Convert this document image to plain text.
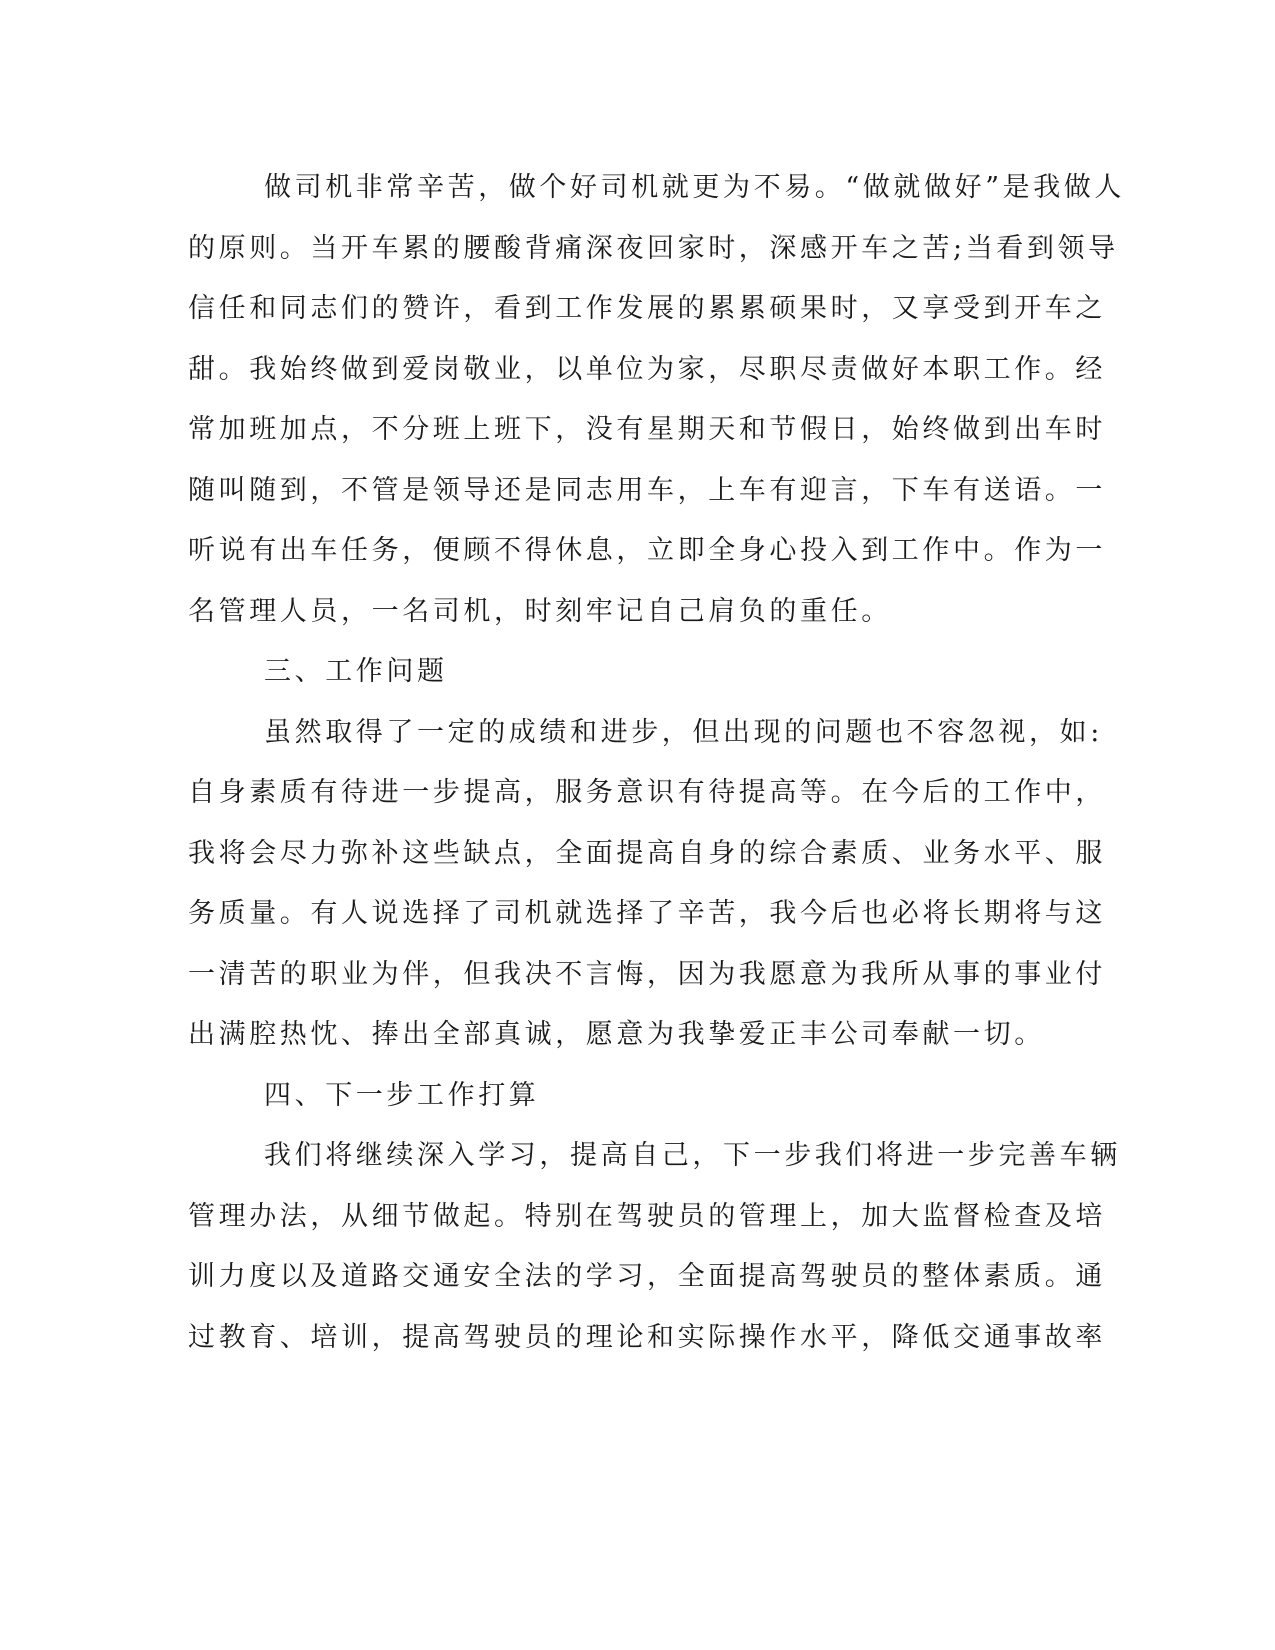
做司机非常辛苦，做个好司机就更为不易。“做就做好”是我做人
的原则。当开车累的腰酸背痛深夜回家时，深感开车之苦;当看到领导
信任和同志们的赞许，看到工作发展的累累硕果时，又享受到开车之
甜。我始终做到爱岗敬业，以单位为家，尽职尽责做好本职工作。经
常加班加点，不分班上班下，没有星期天和节假日，始终做到出车时
随叫随到，不管是领导还是同志用车，上车有迎言，下车有送语。一
听说有出车任务，便顾不得休息，立即全身心投入到工作中。作为一
名管理人员，一名司机，时刻牢记自己肩负的重任。
三、工作问题
虽然取得了一定的成绩和进步，但出现的问题也不容忽视，如:
自身素质有待进一步提高，服务意识有待提高等。在今后的工作中，
我将会尽力弥补这些缺点，全面提高自身的综合素质、业务水平、服
务质量。有人说选择了司机就选择了辛苦，我今后也必将长期将与这
一清苦的职业为伴，但我决不言悔，因为我愿意为我所从事的事业付
出满腔热忱、捧出全部真诚，愿意为我挚爱正丰公司奉献一切。
四、下一步工作打算
我们将继续深入学习，提高自己，下一步我们将进一步完善车辆
管理办法，从细节做起。特别在驾驶员的管理上，加大监督检查及培
训力度以及道路交通安全法的学习，全面提高驾驶员的整体素质。通
过教育、培训，提高驾驶员的理论和实际操作水平，降低交通事故率
